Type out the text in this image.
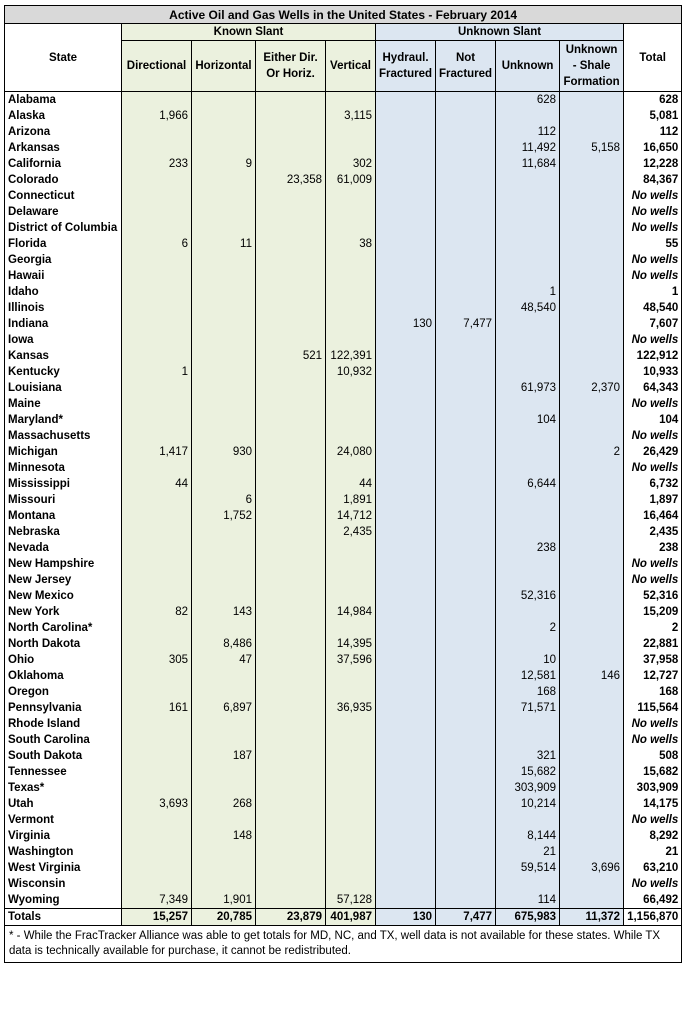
Active Oil and Gas Wells in the United States - February 2014									
State	Known Slant				Unknown Slant				Total
	Directional	Horizontal	Either Dir. Or Horiz.	Vertical	Hydraul. Fractured	Not Fractured	Unknown	Unknown - Shale Formation	
Alabama							628		628
Alaska	1,966			3,115					5,081
Arizona							112		112
Arkansas							11,492	5,158	16,650
California	233	9		302			11,684		12,228
Colorado			23,358	61,009					84,367
Connecticut									No wells
Delaware									No wells
District of Columbia									No wells
Florida	6	11		38					55
Georgia									No wells
Hawaii									No wells
Idaho							1		1
Illinois							48,540		48,540
Indiana					130	7,477			7,607
Iowa									No wells
Kansas			521	122,391					122,912
Kentucky	1			10,932					10,933
Louisiana							61,973	2,370	64,343
Maine									No wells
Maryland*							104		104
Massachusetts									No wells
Michigan	1,417	930		24,080				2	26,429
Minnesota									No wells
Mississippi	44			44			6,644		6,732
Missouri		6		1,891					1,897
Montana		1,752		14,712					16,464
Nebraska				2,435					2,435
Nevada							238		238
New Hampshire									No wells
New Jersey									No wells
New Mexico							52,316		52,316
New York	82	143		14,984					15,209
North Carolina*							2		2
North Dakota		8,486		14,395					22,881
Ohio	305	47		37,596			10		37,958
Oklahoma							12,581	146	12,727
Oregon							168		168
Pennsylvania	161	6,897		36,935			71,571		115,564
Rhode Island									No wells
South Carolina									No wells
South Dakota		187					321		508
Tennessee							15,682		15,682
Texas*							303,909		303,909
Utah	3,693	268					10,214		14,175
Vermont									No wells
Virginia		148					8,144		8,292
Washington							21		21
West Virginia							59,514	3,696	63,210
Wisconsin									No wells
Wyoming	7,349	1,901		57,128			114		66,492
Totals	15,257	20,785	23,879	401,987	130	7,477	675,983	11,372	1,156,870
* - While the FracTracker Alliance was able to get totals for MD, NC, and TX, well data is not available for these states. While TX data is technically available for purchase, it cannot be redistributed.									
